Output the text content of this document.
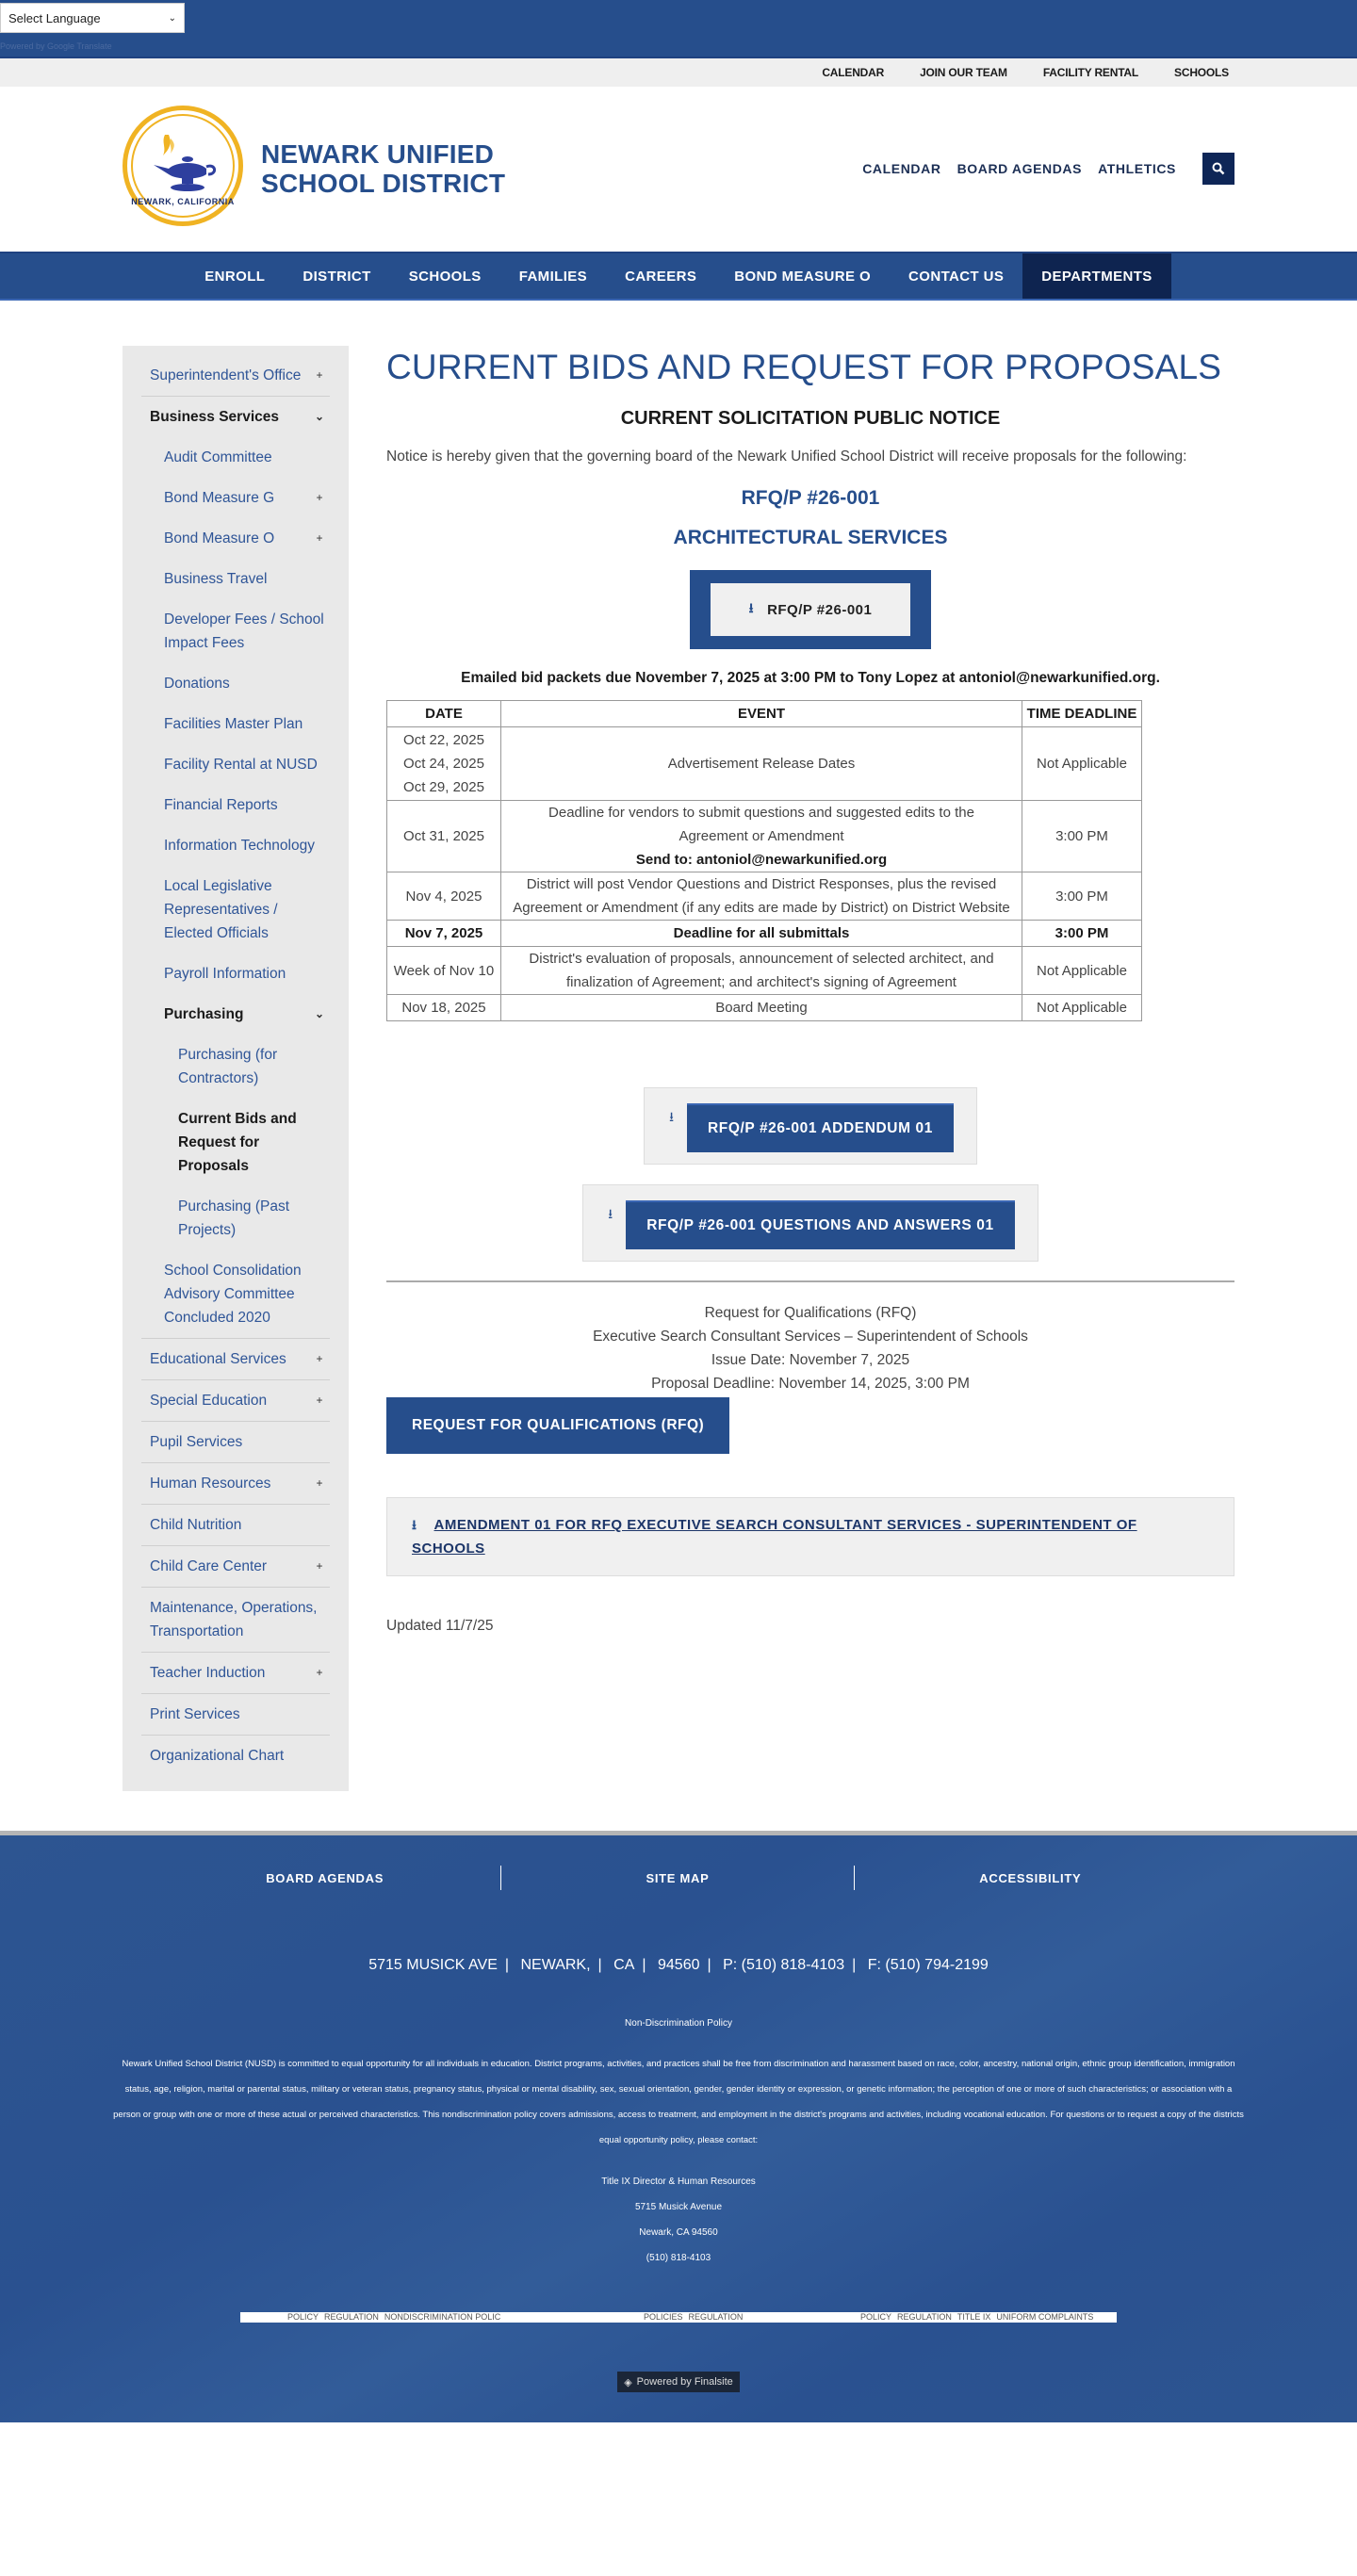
Select Language	⌄
Powered by Google Translate
CALENDAR	JOIN OUR TEAM	FACILITY RENTAL	SCHOOLS
NEWARK, CALIFORNIA
NEWARK UNIFIED
SCHOOL DISTRICT	CALENDAR BOARD AGENDAS ATHLETICS
ENROLL	DISTRICT	SCHOOLS	FAMILIES	CAREERS	BOND MEASURE O	CONTACT US	DEPARTMENTS
Superintendent's Office	+
Business Services	⌄
Audit Committee
Bond Measure G	+
Bond Measure O	+
Business Travel
Developer Fees / School Impact Fees
Donations
Facilities Master Plan
Facility Rental at NUSD
Financial Reports
Information Technology
Local Legislative Representatives / Elected Officials
Payroll Information
Purchasing	⌄
Purchasing (for Contractors)
Current Bids and Request for Proposals
Purchasing (Past Projects)
School Consolidation Advisory Committee Concluded 2020
Educational Services	+
Special Education	+
Pupil Services
Human Resources	+
Child Nutrition
Child Care Center	+
Maintenance, Operations, Transportation
Teacher Induction	+
Print Services
Organizational Chart
CURRENT BIDS AND REQUEST FOR PROPOSALS
CURRENT SOLICITATION PUBLIC NOTICE

Notice is hereby given that the governing board of the Newark Unified School District will receive proposals for the following:

RFQ/P #26-001
ARCHITECTURAL SERVICES
⭳ RFQ/P #26-001
Emailed bid packets due November 7, 2025 at 3:00 PM to Tony Lopez at antoniol@newarkunified.org.
DATE	EVENT	TIME DEADLINE
Oct 22, 2025
Oct 24, 2025
Oct 29, 2025	Advertisement Release Dates	Not Applicable
Oct 31, 2025	Deadline for vendors to submit questions and suggested edits to the Agreement or Amendment
Send to: antoniol@newarkunified.org	3:00 PM
Nov 4, 2025	District will post Vendor Questions and District Responses, plus the revised Agreement or Amendment (if any edits are made by District) on District Website	3:00 PM
Nov 7, 2025	Deadline for all submittals	3:00 PM
Week of Nov 10	District's evaluation of proposals, announcement of selected architect, and finalization of Agreement; and architect's signing of Agreement	Not Applicable
Nov 18, 2025	Board Meeting	Not Applicable
⭳
RFQ/P #26-001 ADDENDUM 01
⭳
RFQ/P #26-001 QUESTIONS AND ANSWERS 01
Request for Qualifications (RFQ)
Executive Search Consultant Services – Superintendent of Schools
Issue Date: November 7, 2025
Proposal Deadline: November 14, 2025, 3:00 PM
REQUEST FOR QUALIFICATIONS (RFQ)
⭳ AMENDMENT 01 FOR RFQ EXECUTIVE SEARCH CONSULTANT SERVICES - SUPERINTENDENT OF SCHOOLS
Updated 11/7/25
BOARD AGENDAS	SITE MAP	ACCESSIBILITY
5715 MUSICK AVE | NEWARK, | CA | 94560 | P: (510) 818-4103 | F: (510) 794-2199
Non-Discrimination Policy

Newark Unified School District (NUSD) is committed to equal opportunity for all individuals in education. District programs, activities, and practices shall be free from discrimination and harassment based on race, color, ancestry, national origin, ethnic group identification, immigration status, age, religion, marital or parental status, military or veteran status, pregnancy status, physical or mental disability, sex, sexual orientation, gender, gender identity or expression, or genetic information; the perception of one or more of such characteristics; or association with a person or group with one or more of these actual or perceived characteristics. This nondiscrimination policy covers admissions, access to treatment, and employment in the district's programs and activities, including vocational education. For questions or to request a copy of the districts equal opportunity policy, please contact:

Title IX Director & Human Resources
5715 Musick Avenue
Newark, CA 94560
(510) 818-4103
POLICY REGULATION NONDISCRIMINATION POLIC	POLICIES REGULATION	POLICY REGULATION TITLE IX UNIFORM COMPLAINTS
◈ Powered by Finalsite
